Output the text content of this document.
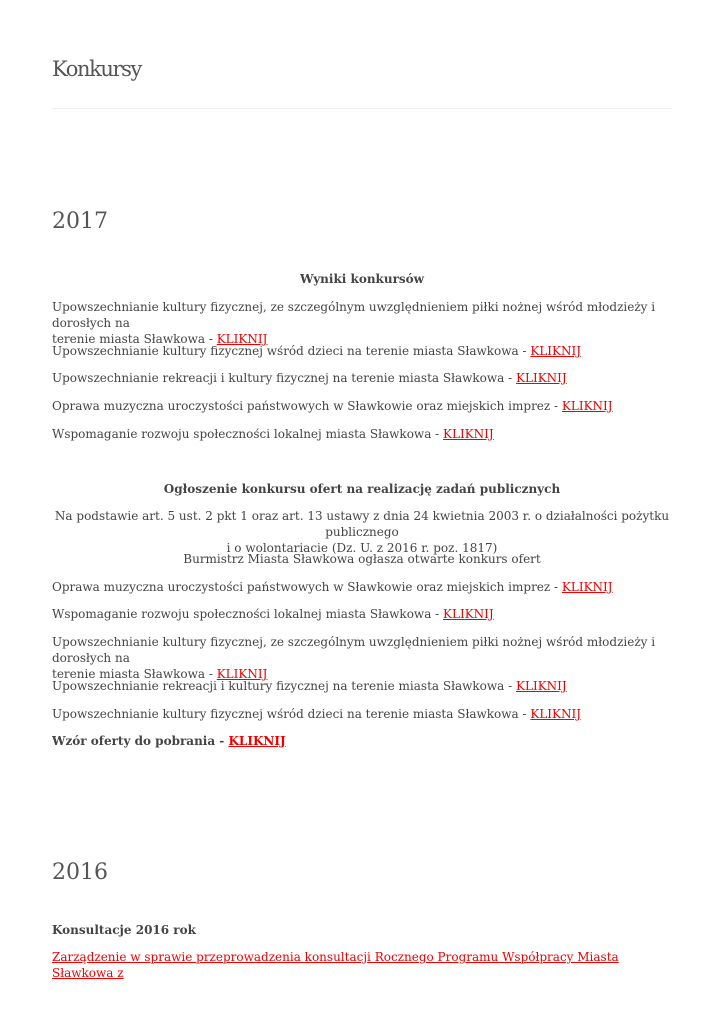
Konkursy
2017
Wyniki konkursów
Upowszechnianie kultury fizycznej, ze szczególnym uwzględnieniem piłki nożnej wśród młodzieży i dorosłych na
terenie miasta Sławkowa - KLIKNIJ
Upowszechnianie kultury fizycznej wśród dzieci na terenie miasta Sławkowa - KLIKNIJ
Upowszechnianie rekreacji i kultury fizycznej na terenie miasta Sławkowa - KLIKNIJ
Oprawa muzyczna uroczystości państwowych w Sławkowie oraz miejskich imprez - KLIKNIJ
Wspomaganie rozwoju społeczności lokalnej miasta Sławkowa - KLIKNIJ
Ogłoszenie konkursu ofert na realizację zadań publicznych
Na podstawie art. 5 ust. 2 pkt 1 oraz art. 13 ustawy z dnia 24 kwietnia 2003 r. o działalności pożytku publicznego
i o wolontariacie (Dz. U. z 2016 r. poz. 1817)
Burmistrz Miasta Sławkowa ogłasza otwarte konkurs ofert
Oprawa muzyczna uroczystości państwowych w Sławkowie oraz miejskich imprez - KLIKNIJ
Wspomaganie rozwoju społeczności lokalnej miasta Sławkowa - KLIKNIJ
Upowszechnianie kultury fizycznej, ze szczególnym uwzględnieniem piłki nożnej wśród młodzieży i dorosłych na
terenie miasta Sławkowa - KLIKNIJ
Upowszechnianie rekreacji i kultury fizycznej na terenie miasta Sławkowa - KLIKNIJ
Upowszechnianie kultury fizycznej wśród dzieci na terenie miasta Sławkowa - KLIKNIJ
Wzór oferty do pobrania - KLIKNIJ
2016
Konsultacje 2016 rok
Zarządzenie w sprawie przeprowadzenia konsultacji Rocznego Programu Współpracy Miasta Sławkowa z
